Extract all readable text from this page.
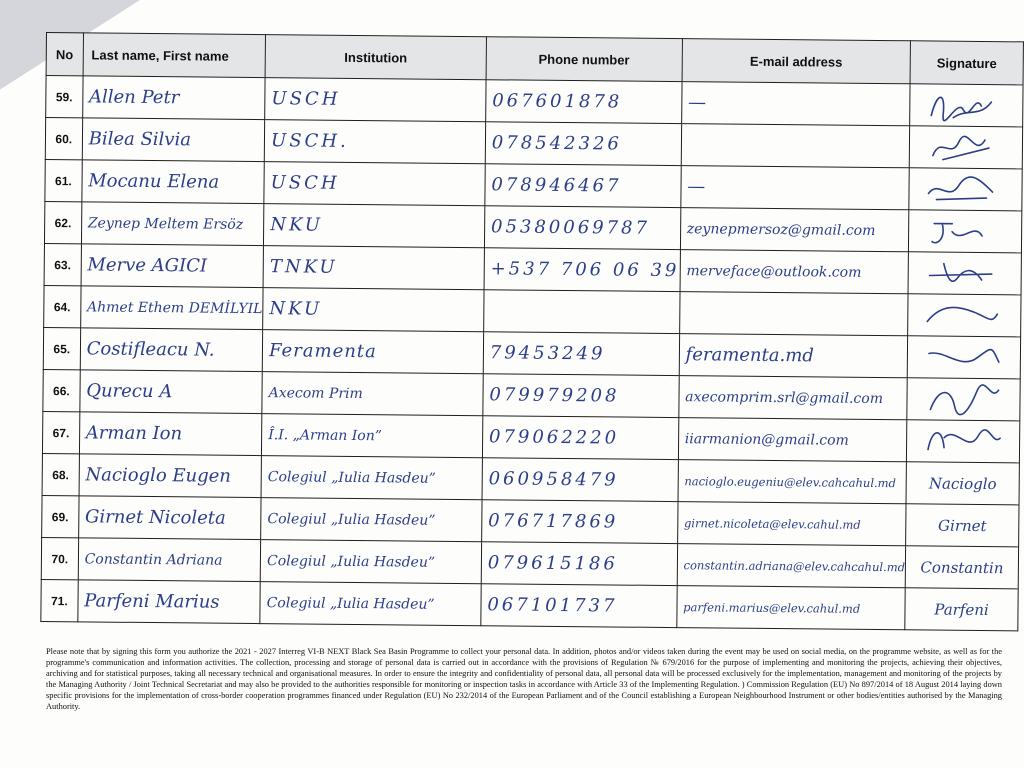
No	Last name, First name	Institution	Phone number	E-mail address	Signature
59.	Allen Petr	USCH	067601878	—	

60.	Bilea Silvia	USCH.	078542326		

61.	Mocanu Elena	USCH	078946467	—	

62.	Zeynep Meltem Ersöz	NKU	05380069787	zeynepmersoz@gmail.com	

63.	Merve AGICI	TNKU	+537 706 06 39	merveface@outlook.com	

64.	Ahmet Ethem DEMİLYIL	NKU			

65.	Costifleacu N.	Feramenta	79453249	feramenta.md	

66.	Qurecu A	Axecom Prim	079979208	axecomprim.srl@gmail.com	

67.	Arman Ion	Î.I. „Arman Ion”	079062220	iiarmanion@gmail.com	

68.	Nacioglo Eugen	Colegiul „Iulia Hasdeu”	060958479	nacioglo.eugeniu@elev.cahcahul.md	Nacioglo

69.	Girnet Nicoleta	Colegiul „Iulia Hasdeu”	076717869	girnet.nicoleta@elev.cahul.md	Girnet

70.	Constantin Adriana	Colegiul „Iulia Hasdeu”	079615186	constantin.adriana@elev.cahcahul.md	Constantin

71.	Parfeni Marius	Colegiul „Iulia Hasdeu”	067101737	parfeni.marius@elev.cahul.md	Parfeni

Please note that by signing this form you authorize the 2021 - 2027 Interreg VI-B NEXT Black Sea Basin Programme to collect your personal data. In addition, photos and/or videos taken during the event may be used on social media, on the programme website, as well as for the programme's communication and information activities. The collection, processing and storage of personal data is carried out in accordance with the provisions of Regulation № 679/2016 for the purpose of implementing and monitoring the projects, achieving their objectives, archiving and for statistical purposes, taking all necessary technical and organisational measures. In order to ensure the integrity and confidentiality of personal data, all personal data will be processed exclusively for the implementation, management and monitoring of the projects by the Managing Authority / Joint Technical Secretariat and may also be provided to the authorities responsible for monitoring or inspection tasks in accordance with Article 33 of the Implementing Regulation. ) Commission Regulation (EU) No 897/2014 of 18 August 2014 laying down specific provisions for the implementation of cross-border cooperation programmes financed under Regulation (EU) No 232/2014 of the European Parliament and of the Council establishing a European Neighbourhood Instrument or other bodies/entities authorised by the Managing Authority.
